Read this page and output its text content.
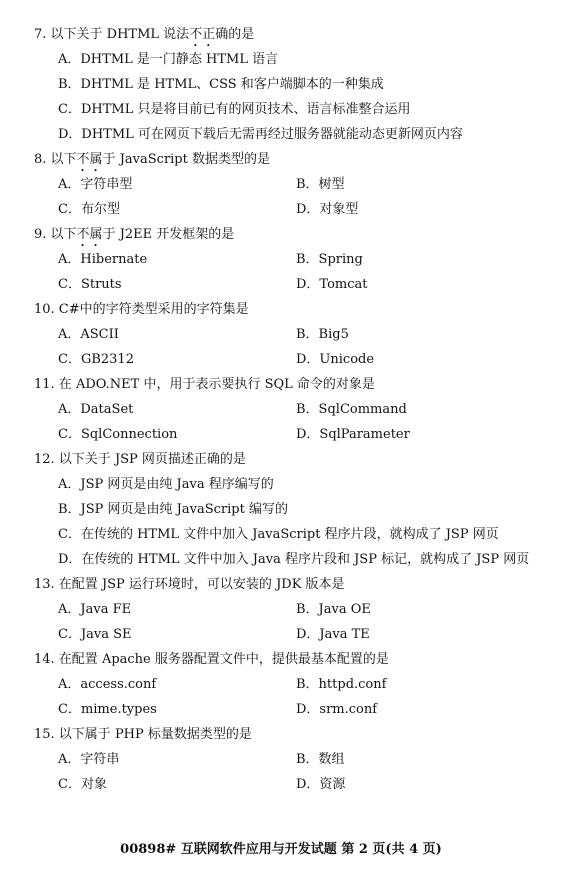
7. 以下关于 DHTML 说法不正确的是
A．DHTML 是一门静态 HTML 语言
B．DHTML 是 HTML、CSS 和客户端脚本的一种集成
C．DHTML 只是将目前已有的网页技术、语言标准整合运用
D．DHTML 可在网页下载后无需再经过服务器就能动态更新网页内容
8. 以下不属于 JavaScript 数据类型的是
A．字符串型	B．树型
C．布尔型	D．对象型
9. 以下不属于 J2EE 开发框架的是
A．Hibernate	B．Spring
C．Struts	D．Tomcat
10. C#中的字符类型采用的字符集是
A．ASCII	B．Big5
C．GB2312	D．Unicode
11. 在 ADO.NET 中，用于表示要执行 SQL 命令的对象是
A．DataSet	B．SqlCommand
C．SqlConnection	D．SqlParameter
12. 以下关于 JSP 网页描述正确的是
A．JSP 网页是由纯 Java 程序编写的
B．JSP 网页是由纯 JavaScript 编写的
C．在传统的 HTML 文件中加入 JavaScript 程序片段，就构成了 JSP 网页
D．在传统的 HTML 文件中加入 Java 程序片段和 JSP 标记，就构成了 JSP 网页
13. 在配置 JSP 运行环境时，可以安装的 JDK 版本是
A．Java FE	B．Java OE
C．Java SE	D．Java TE
14. 在配置 Apache 服务器配置文件中，提供最基本配置的是
A．access.conf	B．httpd.conf
C．mime.types	D．srm.conf
15. 以下属于 PHP 标量数据类型的是
A．字符串	B．数组
C．对象	D．资源
00898# 互联网软件应用与开发试题 第 2 页(共 4 页)
